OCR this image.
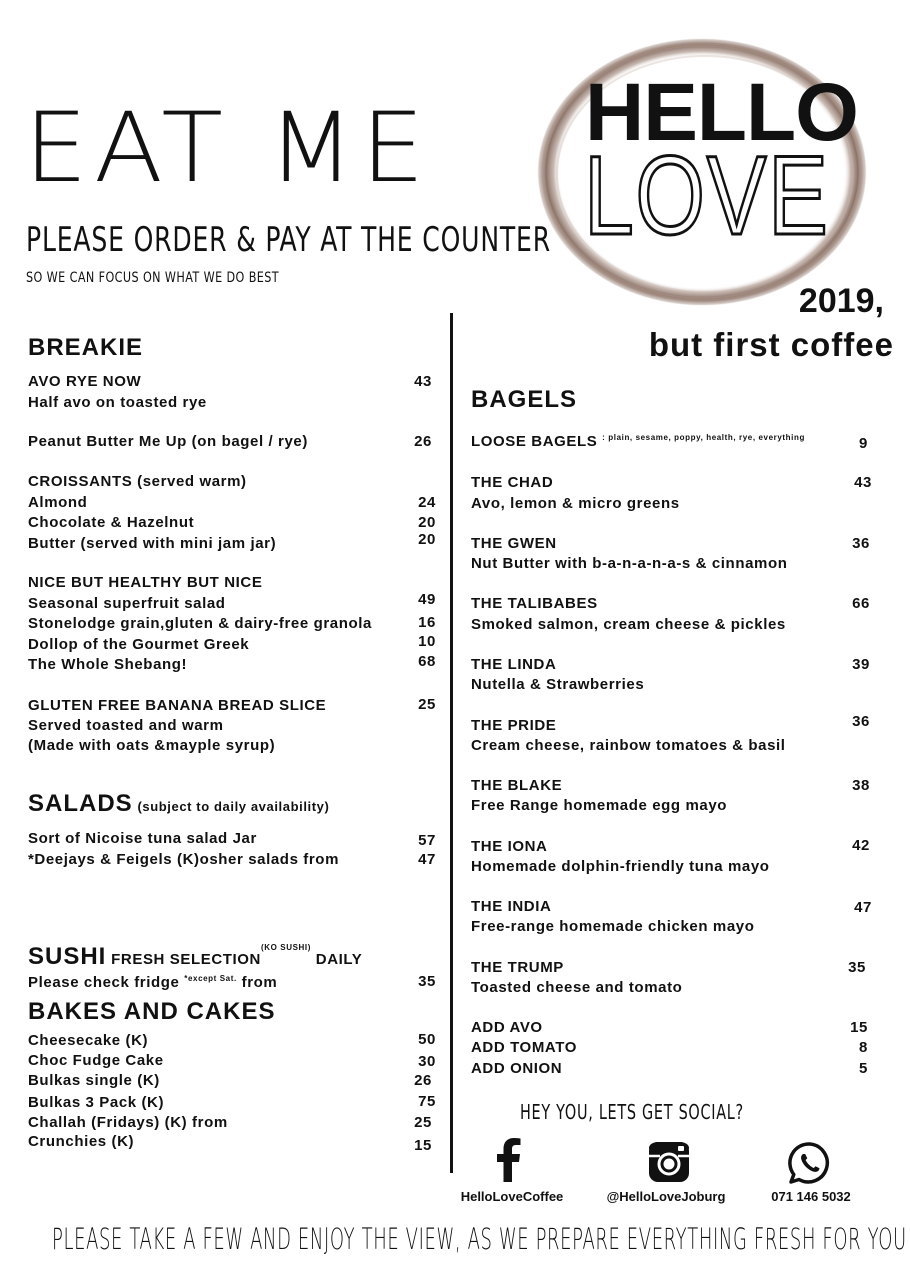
EAT ME
PLEASE ORDER & PAY AT THE COUNTER
SO WE CAN FOCUS ON WHAT WE DO BEST
HELLO
LOVE
2019,
but first coffee
BREAKIE
AVO RYE NOW	43
Half avo on toasted rye
Peanut Butter Me Up (on bagel / rye)	26
CROISSANTS (served warm)
Almond	24
Chocolate & Hazelnut	20
Butter (served with mini jam jar)	20
NICE BUT HEALTHY BUT NICE
Seasonal superfruit salad	49
Stonelodge grain,gluten & dairy-free granola	16
Dollop of the Gourmet Greek	10
The Whole Shebang!	68
GLUTEN FREE BANANA BREAD SLICE	25
Served toasted and warm
(Made with oats &mayple syrup)
SALADS (subject to daily availability)
Sort of Nicoise tuna salad Jar	57
*Deejays & Feigels (K)osher salads from	47
SUSHI FRESH $SELECTION^{(KO SUSHI)}$ DAILY
Please check fridge $^{*except Sat.}$ from	35
BAKES AND CAKES
Cheesecake (K)	50
Choc Fudge Cake	30
Bulkas single (K)	26
Bulkas 3 Pack (K)	75
Challah (Fridays) (K) from	25
Crunchies (K)	15
BAGELS
LOOSE BAGELS $^{: plain, sesame, poppy, health, rye, everything}$	9
THE CHAD	43
Avo, lemon & micro greens
THE GWEN	36
Nut Butter with b-a-n-a-n-a-s & cinnamon
THE TALIBABES	66
Smoked salmon, cream cheese & pickles
THE LINDA	39
Nutella & Strawberries
THE PRIDE	36
Cream cheese, rainbow tomatoes & basil
THE BLAKE	38
Free Range homemade egg mayo
THE IONA	42
Homemade dolphin-friendly tuna mayo
THE INDIA	47
Free-range homemade chicken mayo
THE TRUMP	35
Toasted cheese and tomato
ADD AVO	15
ADD TOMATO	8
ADD ONION	5
HEY YOU, LETS GET SOCIAL?
HelloLoveCoffee	@HelloLoveJoburg	071 146 5032
PLEASE TAKE A FEW AND ENJOY THE VIEW, AS WE PREPARE EVERYTHING FRESH FOR YOU
